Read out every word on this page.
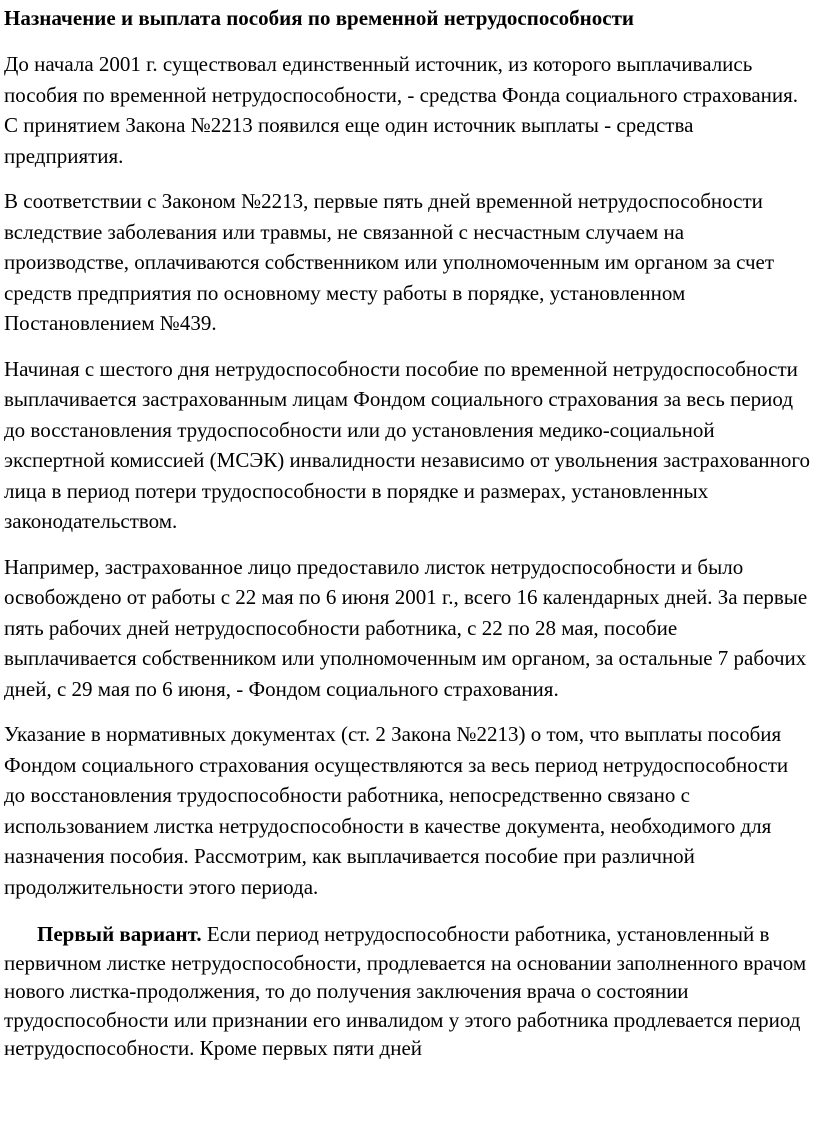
Назначение и выплата пособия по временной нетрудоспособности

До начала 2001 г. существовал единственный источник, из которого выплачивались пособия по временной нетрудоспособности, - средства Фонда социального страхования. С принятием Закона №2213 появился еще один источник выплаты - средства предприятия.

В соответствии с Законом №2213, первые пять дней временной нетрудоспособности вследствие заболевания или травмы, не связанной с несчастным случаем на производстве, оплачиваются собственником или уполномоченным им органом за счет средств предприятия по основному месту работы в порядке, установленном Постановлением №439.

Начиная с шестого дня нетрудоспособности пособие по временной нетрудоспособности выплачивается застрахованным лицам Фондом социального страхования за весь период до восстановления трудоспособности или до установления медико-социальной экспертной комиссией (МСЭК) инвалидности независимо от увольнения застрахованного лица в период потери трудоспособности в порядке и размерах, установленных законодательством.

Например, застрахованное лицо предоставило листок нетрудоспособности и было освобождено от работы с 22 мая по 6 июня 2001 г., всего 16 календарных дней. За первые пять рабочих дней нетрудоспособности работника, с 22 по 28 мая, пособие выплачивается собственником или уполномоченным им органом, за остальные 7 рабочих дней, с 29 мая по 6 июня, - Фондом социального страхования.

Указание в нормативных документах (ст. 2 Закона №2213) о том, что выплаты пособия Фондом социального страхования осуществляются за весь период нетрудоспособности до восстановления трудоспособности работника, непосредственно связано с использованием листка нетрудоспособности в качестве документа, необходимого для назначения пособия. Рассмотрим, как выплачивается пособие при различной продолжительности этого периода.

Первый вариант. Если период нетрудоспособности работника, установленный в первичном листке нетрудоспособности, продлевается на основании заполненного врачом нового листка-продолжения, то до получения заключения врача о состоянии трудоспособности или признании его инвалидом у этого работника продлевается период нетрудоспособности. Кроме первых пяти дней
